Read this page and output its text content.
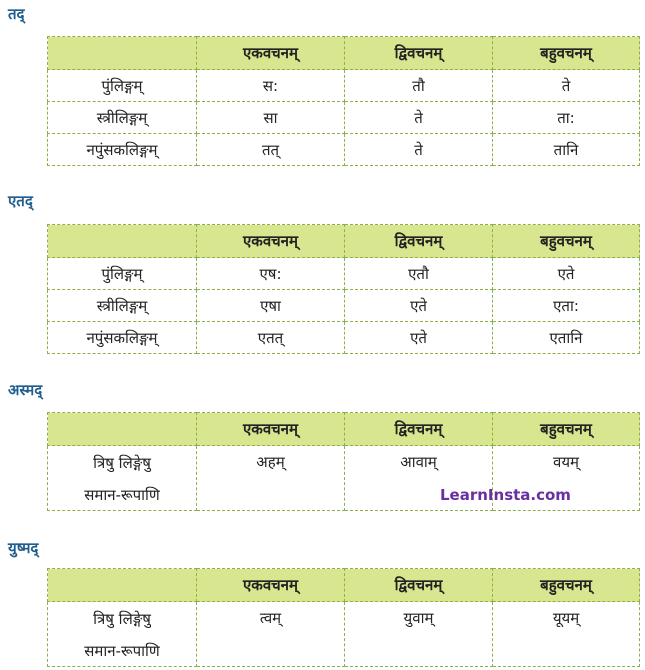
तद्
	एकवचनम्	द्विवचनम्	बहुवचनम्
पुंलिङ्गम्	स:	तौ	ते
स्त्रीलिङ्गम्	सा	ते	ता:
नपुंसकलिङ्गम्	तत्	ते	तानि
एतद्
	एकवचनम्	द्विवचनम्	बहुवचनम्
पुंलिङ्गम्	एष:	एतौ	एते
स्त्रीलिङ्गम्	एषा	एते	एता:
नपुंसकलिङ्गम्	एतत्	एते	एतानि
अस्मद्
	एकवचनम्	द्विवचनम्	बहुवचनम्

त्रिषु लिङ्गेषु
समान-रूपाणि	अहम्	आवाम्	वयम्
LearnInsta.com
युष्मद्
	एकवचनम्	द्विवचनम्	बहुवचनम्

त्रिषु लिङ्गेषु
समान-रूपाणि	त्वम्	युवाम्	यूयम्
